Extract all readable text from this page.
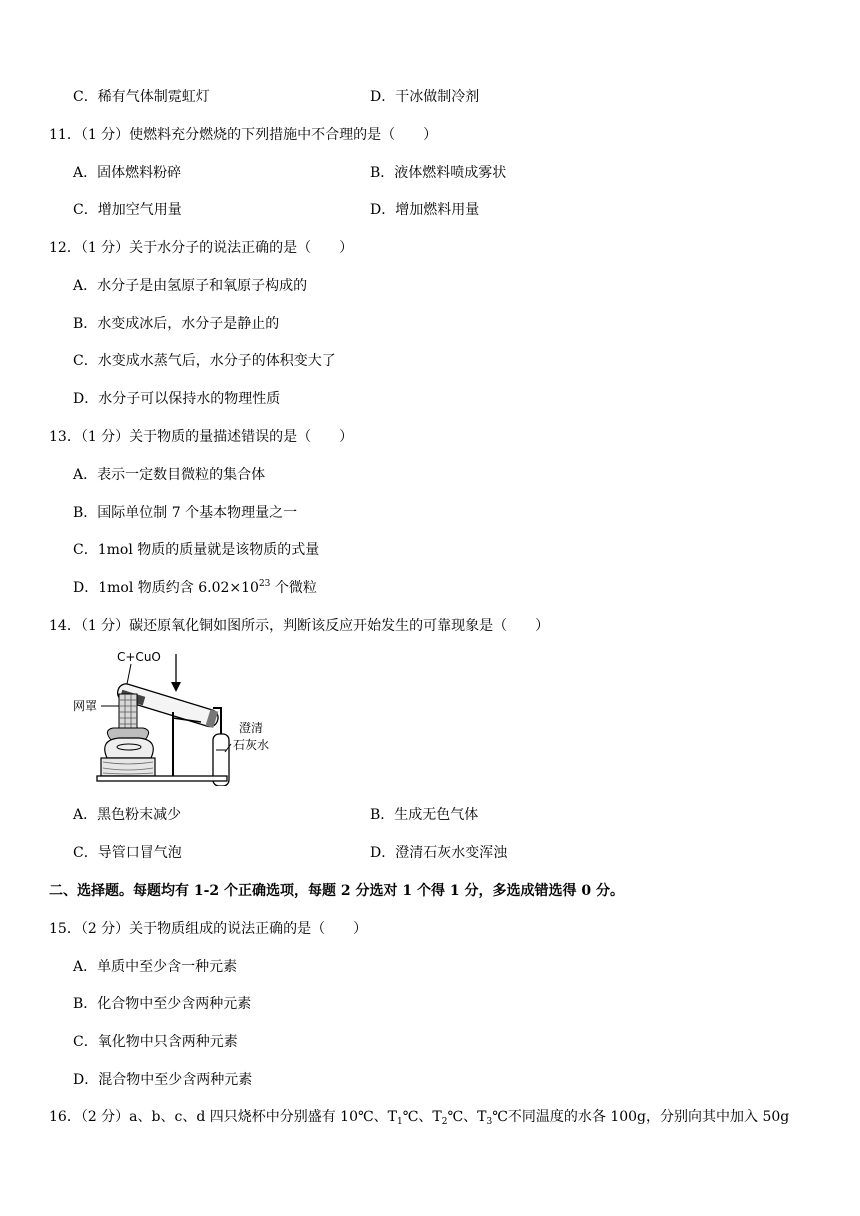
C．稀有气体制霓虹灯	D．干冰做制冷剂
11．（1 分）使燃料充分燃烧的下列措施中不合理的是（　　）
A．固体燃料粉碎	B．液体燃料喷成雾状
C．增加空气用量	D．增加燃料用量
12．（1 分）关于水分子的说法正确的是（　　）
A．水分子是由氢原子和氧原子构成的
B．水变成冰后，水分子是静止的
C．水变成水蒸气后，水分子的体积变大了
D．水分子可以保持水的物理性质
13．（1 分）关于物质的量描述错误的是（　　）
A．表示一定数目微粒的集合体
B．国际单位制 7 个基本物理量之一
C．1mol 物质的质量就是该物质的式量
D．1mol 物质约含 $6.02\times 10^{23}$ 个微粒
14．（1 分）碳还原氧化铜如图所示，判断该反应开始发生的可靠现象是（　　）
C+CuO
澄清
石灰水
网罩
A．黑色粉末减少	B．生成无色气体
C．导管口冒气泡	D．澄清石灰水变浑浊
二、选择题。每题均有 1-2 个正确选项，每题 2 分选对 1 个得 1 分，多选成错选得 0 分。
15．（2 分）关于物质组成的说法正确的是（　　）
A．单质中至少含一种元素
B．化合物中至少含两种元素
C．氧化物中只含两种元素
D．混合物中至少含两种元素
16．（2 分）a、b、c、d 四只烧杯中分别盛有 10℃、$T_1℃$、$T_2℃$、$T_3℃$不同温度的水各 100g，分别向其中加入 50g
